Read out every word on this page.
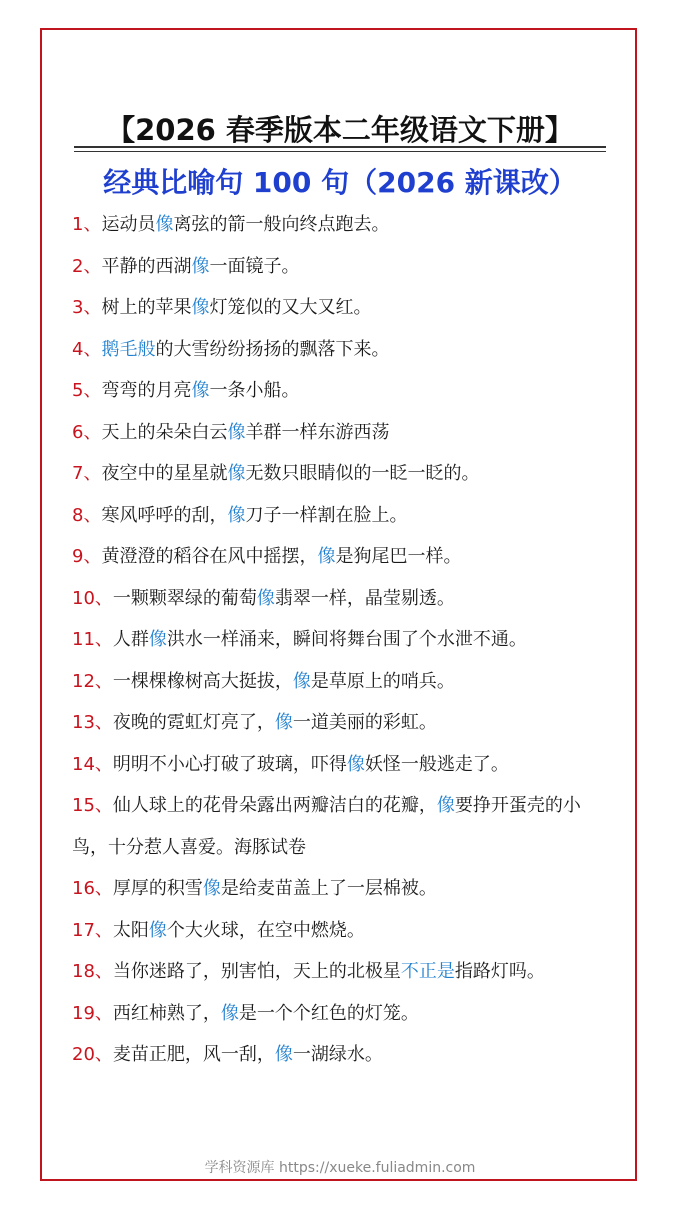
【2026 春季版本二年级语文下册】
经典比喻句 100 句（2026 新课改）
1、运动员像离弦的箭一般向终点跑去。
2、平静的西湖像一面镜子。
3、树上的苹果像灯笼似的又大又红。
4、鹅毛般的大雪纷纷扬扬的飘落下来。
5、弯弯的月亮像一条小船。
6、天上的朵朵白云像羊群一样东游西荡
7、夜空中的星星就像无数只眼睛似的一眨一眨的。
8、寒风呼呼的刮，像刀子一样割在脸上。
9、黄澄澄的稻谷在风中摇摆，像是狗尾巴一样。
10、一颗颗翠绿的葡萄像翡翠一样，晶莹剔透。
11、人群像洪水一样涌来，瞬间将舞台围了个水泄不通。
12、一棵棵橡树高大挺拔，像是草原上的哨兵。
13、夜晚的霓虹灯亮了，像一道美丽的彩虹。
14、明明不小心打破了玻璃，吓得像妖怪一般逃走了。
15、仙人球上的花骨朵露出两瓣洁白的花瓣，像要挣开蛋壳的小鸟，十分惹人喜爱。海豚试卷
16、厚厚的积雪像是给麦苗盖上了一层棉被。
17、太阳像个大火球，在空中燃烧。
18、当你迷路了，别害怕，天上的北极星不正是指路灯吗。
19、西红柿熟了，像是一个个红色的灯笼。
20、麦苗正肥，风一刮，像一湖绿水。
学科资源库 https://xueke.fuliadmin.com
